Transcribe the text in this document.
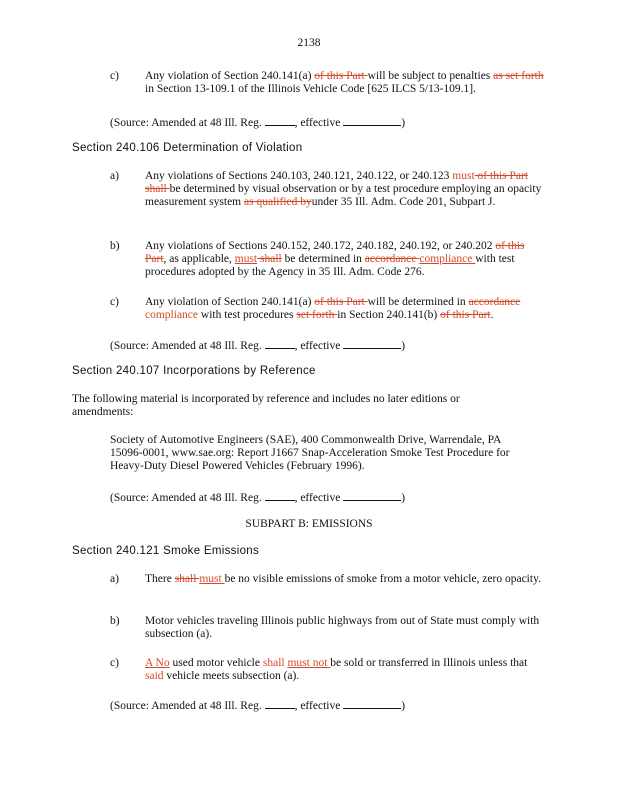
2138
c) Any violation of Section 240.141(a) of this Part will be subject to penalties as set forth in Section 13-109.1 of the Illinois Vehicle Code [625 ILCS 5/13-109.1].
(Source: Amended at 48 Ill. Reg.	, effective	)
Section 240.106 Determination of Violation
a) Any violations of Sections 240.103, 240.121, 240.122, or 240.123 must of this Part shall be determined by visual observation or by a test procedure employing an opacity measurement system as qualified byunder 35 Ill. Adm. Code 201, Subpart J.
b) Any violations of Sections 240.152, 240.172, 240.182, 240.192, or 240.202 of this Part, as applicable, must shall be determined in accordance compliance with test procedures adopted by the Agency in 35 Ill. Adm. Code 276.
c) Any violation of Section 240.141(a) of this Part will be determined in accordance compliance with test procedures set forth in Section 240.141(b) of this Part.
(Source: Amended at 48 Ill. Reg.	, effective	)
Section 240.107 Incorporations by Reference
The following material is incorporated by reference and includes no later editions or amendments:
Society of Automotive Engineers (SAE), 400 Commonwealth Drive, Warrendale, PA 15096-0001, www.sae.org: Report J1667 Snap-Acceleration Smoke Test Procedure for Heavy-Duty Diesel Powered Vehicles (February 1996).
(Source: Amended at 48 Ill. Reg.	, effective	)
SUBPART B: EMISSIONS
Section 240.121 Smoke Emissions
a) There shall must be no visible emissions of smoke from a motor vehicle, zero opacity.
b) Motor vehicles traveling Illinois public highways from out of State must comply with subsection (a).
c) A No used motor vehicle shall must not be sold or transferred in Illinois unless that said vehicle meets subsection (a).
(Source: Amended at 48 Ill. Reg.	, effective	)
